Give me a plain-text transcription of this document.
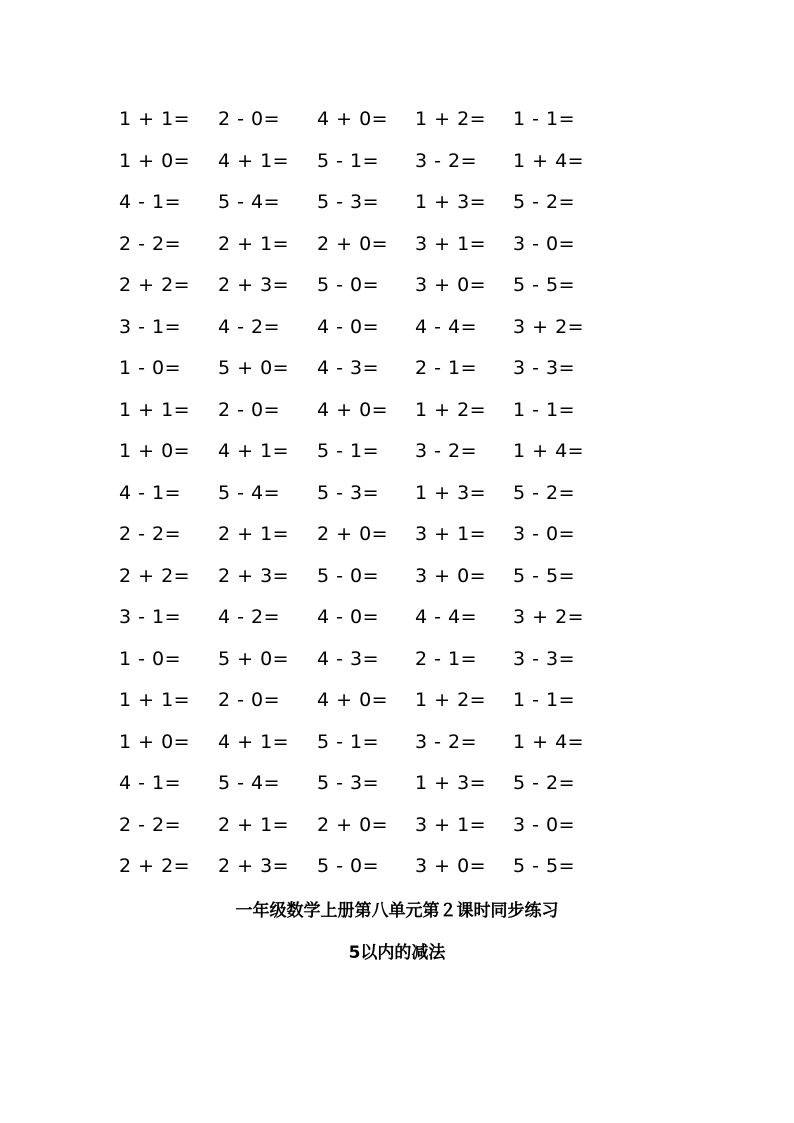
1 + 1= 2 - 0= 4 + 0= 1 + 2= 1 - 1=
1 + 0= 4 + 1= 5 - 1= 3 - 2= 1 + 4=
4 - 1= 5 - 4= 5 - 3= 1 + 3= 5 - 2=
2 - 2= 2 + 1= 2 + 0= 3 + 1= 3 - 0=
2 + 2= 2 + 3= 5 - 0= 3 + 0= 5 - 5=
3 - 1= 4 - 2= 4 - 0= 4 - 4= 3 + 2=
1 - 0= 5 + 0= 4 - 3= 2 - 1= 3 - 3=
1 + 1= 2 - 0= 4 + 0= 1 + 2= 1 - 1=
1 + 0= 4 + 1= 5 - 1= 3 - 2= 1 + 4=
4 - 1= 5 - 4= 5 - 3= 1 + 3= 5 - 2=
2 - 2= 2 + 1= 2 + 0= 3 + 1= 3 - 0=
2 + 2= 2 + 3= 5 - 0= 3 + 0= 5 - 5=
3 - 1= 4 - 2= 4 - 0= 4 - 4= 3 + 2=
1 - 0= 5 + 0= 4 - 3= 2 - 1= 3 - 3=
1 + 1= 2 - 0= 4 + 0= 1 + 2= 1 - 1=
1 + 0= 4 + 1= 5 - 1= 3 - 2= 1 + 4=
4 - 1= 5 - 4= 5 - 3= 1 + 3= 5 - 2=
2 - 2= 2 + 1= 2 + 0= 3 + 1= 3 - 0=
2 + 2= 2 + 3= 5 - 0= 3 + 0= 5 - 5=
一年级数学上册第八单元第２课时同步练习
5以内的减法
